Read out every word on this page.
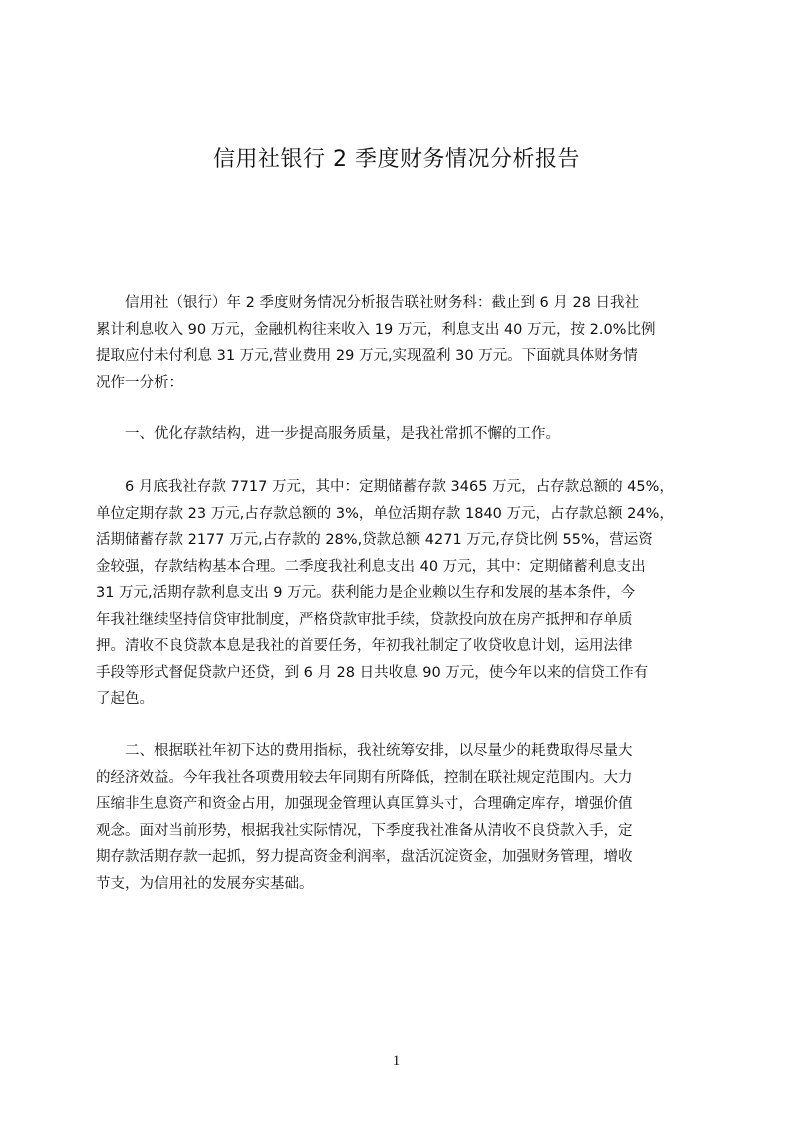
信用社银行 2 季度财务情况分析报告
　　信用社（银行）年 2 季度财务情况分析报告联社财务科：截止到 6 月 28 日我社
累计利息收入 90 万元，金融机构往来收入 19 万元，利息支出 40 万元，按 2.0%比例
提取应付未付利息 31 万元,营业费用 29 万元,实现盈利 30 万元。下面就具体财务情
况作一分析：
　　一、优化存款结构，进一步提高服务质量，是我社常抓不懈的工作。
　　6 月底我社存款 7717 万元，其中：定期储蓄存款 3465 万元，占存款总额的 45%，
单位定期存款 23 万元,占存款总额的 3%，单位活期存款 1840 万元，占存款总额 24%，
活期储蓄存款 2177 万元,占存款的 28%,贷款总额 4271 万元,存贷比例 55%，营运资
金较强，存款结构基本合理。二季度我社利息支出 40 万元，其中：定期储蓄利息支出
31 万元,活期存款利息支出 9 万元。获利能力是企业赖以生存和发展的基本条件，今
年我社继续坚持信贷审批制度，严格贷款审批手续，贷款投向放在房产抵押和存单质
押。清收不良贷款本息是我社的首要任务，年初我社制定了收贷收息计划，运用法律
手段等形式督促贷款户还贷，到 6 月 28 日共收息 90 万元，使今年以来的信贷工作有
了起色。
　　二、根据联社年初下达的费用指标，我社统筹安排，以尽量少的耗费取得尽量大
的经济效益。今年我社各项费用较去年同期有所降低，控制在联社规定范围内。大力
压缩非生息资产和资金占用，加强现金管理认真匡算头寸，合理确定库存，增强价值
观念。面对当前形势，根据我社实际情况，下季度我社准备从清收不良贷款入手，定
期存款活期存款一起抓，努力提高资金利润率，盘活沉淀资金，加强财务管理，增收
节支，为信用社的发展夯实基础。
1
